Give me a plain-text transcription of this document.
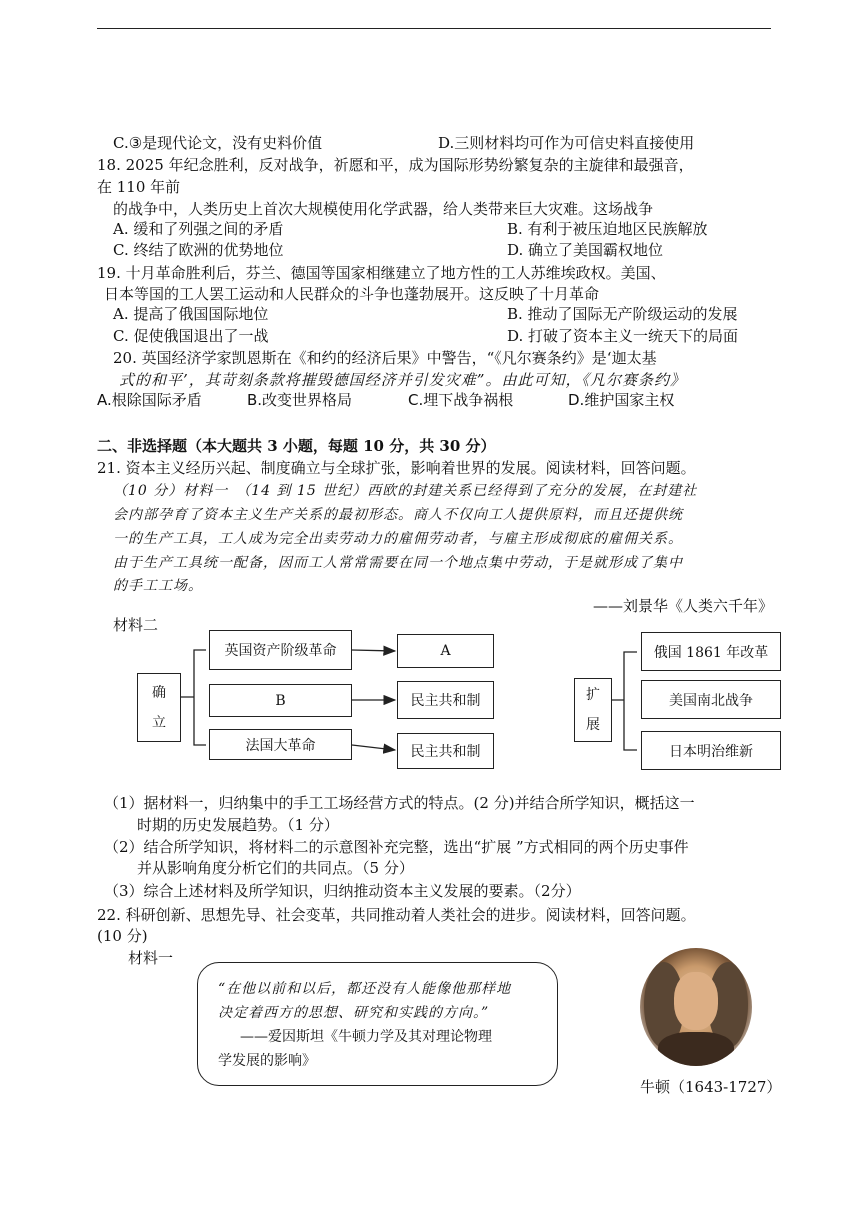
C.③是现代论文，没有史料价值	D.三则材料均可作为可信史料直接使用
18. 2025 年纪念胜利，反对战争，祈愿和平，成为国际形势纷繁复杂的主旋律和最强音，
在 110 年前
的战争中，人类历史上首次大规模使用化学武器，给人类带来巨大灾难。这场战争
A. 缓和了列强之间的矛盾	B. 有利于被压迫地区民族解放
C. 终结了欧洲的优势地位	D. 确立了美国霸权地位
19. 十月革命胜利后，芬兰、德国等国家相继建立了地方性的工人苏维埃政权。美国、
日本等国的工人罢工运动和人民群众的斗争也蓬勃展开。这反映了十月革命
A. 提高了俄国国际地位	B. 推动了国际无产阶级运动的发展
C. 促使俄国退出了一战	D. 打破了资本主义一统天下的局面
20. 英国经济学家凯恩斯在《和约的经济后果》中警告，“《凡尔赛条约》是‘迦太基
式的和平’，其苛刻条款将摧毁德国经济并引发灾难”。由此可知，《凡尔赛条约》
A.根除国际矛盾	B.改变世界格局	C.埋下战争祸根	D.维护国家主权
二、非选择题（本大题共 3 小题，每题 10 分，共 30 分）
21. 资本主义经历兴起、制度确立与全球扩张，影响着世界的发展。阅读材料，回答问题。
（10 分）材料一　（14 到 15 世纪）西欧的封建关系已经得到了充分的发展，在封建社
会内部孕育了资本主义生产关系的最初形态。商人不仅向工人提供原料，而且还提供统
一的生产工具，工人成为完全出卖劳动力的雇佣劳动者，与雇主形成彻底的雇佣关系。
由于生产工具统一配备，因而工人常常需要在同一个地点集中劳动，于是就形成了集中
的手工工场。
——刘景华《人类六千年》
材料二
确
立
英国资产阶级革命
B
法国大革命
A
民主共和制
民主共和制
扩
展
俄国 1861 年改革
美国南北战争
日本明治维新
（1）据材料一，归纳集中的手工工场经营方式的特点。(2 分)并结合所学知识，概括这一
时期的历史发展趋势。（1 分）
（2）结合所学知识，将材料二的示意图补充完整，选出“扩展 ”方式相同的两个历史事件
并从影响角度分析它们的共同点。（5 分）
（3）综合上述材料及所学知识，归纳推动资本主义发展的要素。（2分）
22. 科研创新、思想先导、社会变革，共同推动着人类社会的进步。阅读材料，回答问题。
(10 分)
材料一
“在他以前和以后，都还没有人能像他那样地
决定着西方的思想、研究和实践的方向。”
——爱因斯坦《牛顿力学及其对理论物理
学发展的影响》
牛顿（1643-1727）
